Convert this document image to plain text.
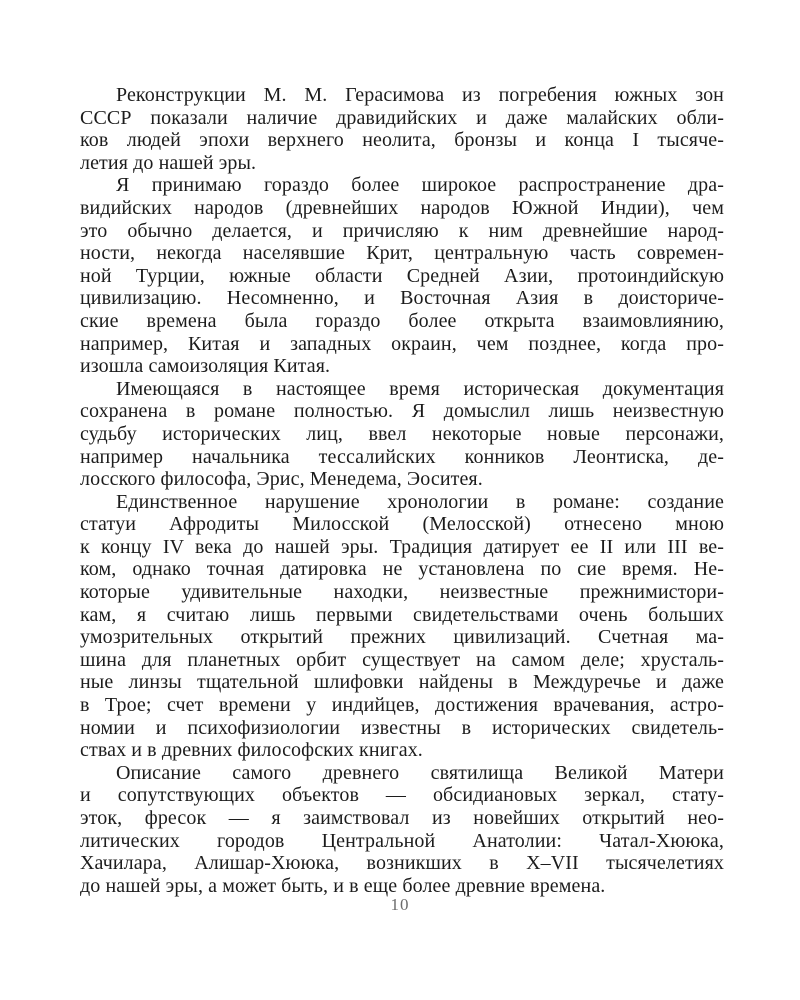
Реконструкции М. М. Герасимова из погребения южных зон
СССР показали наличие дравидийских и даже малайских обли-
ков людей эпохи верхнего неолита, бронзы и конца I тысяче-
летия до нашей эры.
Я принимаю гораздо более широкое распространение дра-
видийских народов (древнейших народов Южной Индии), чем
это обычно делается, и причисляю к ним древнейшие народ-
ности, некогда населявшие Крит, центральную часть современ-
ной Турции, южные области Средней Азии, протоиндийскую
цивилизацию. Несомненно, и Восточная Азия в доисториче-
ские времена была гораздо более открыта взаимовлиянию,
например, Китая и западных окраин, чем позднее, когда про-
изошла самоизоляция Китая.
Имеющаяся в настоящее время историческая документация
сохранена в романе полностью. Я домыслил лишь неизвестную
судьбу исторических лиц, ввел некоторые новые персонажи,
например начальника тессалийских конников Леонтиска, де-
лосского философа, Эрис, Менедема, Эоситея.
Единственное нарушение хронологии в романе: создание
статуи Афродиты Милосской (Мелосской) отнесено мною
к концу IV века до нашей эры. Традиция датирует ее II или III ве-
ком, однако точная датировка не установлена по сие время. Не-
которые удивительные находки, неизвестные прежнимистори-
кам, я считаю лишь первыми свидетельствами очень больших
умозрительных открытий прежних цивилизаций. Счетная ма-
шина для планетных орбит существует на самом деле; хрусталь-
ные линзы тщательной шлифовки найдены в Междуречье и даже
в Трое; счет времени у индийцев, достижения врачевания, астро-
номии и психофизиологии известны в исторических свидетель-
ствах и в древних философских книгах.
Описание самого древнего святилища Великой Матери
и сопутствующих объектов — обсидиановых зеркал, стату-
эток, фресок — я заимствовал из новейших открытий нео-
литических городов Центральной Анатолии: Чатал-Хююка,
Хачилара, Алишар-Хююка, возникших в X–VII тысячелетиях
до нашей эры, а может быть, и в еще более древние времена.
10
